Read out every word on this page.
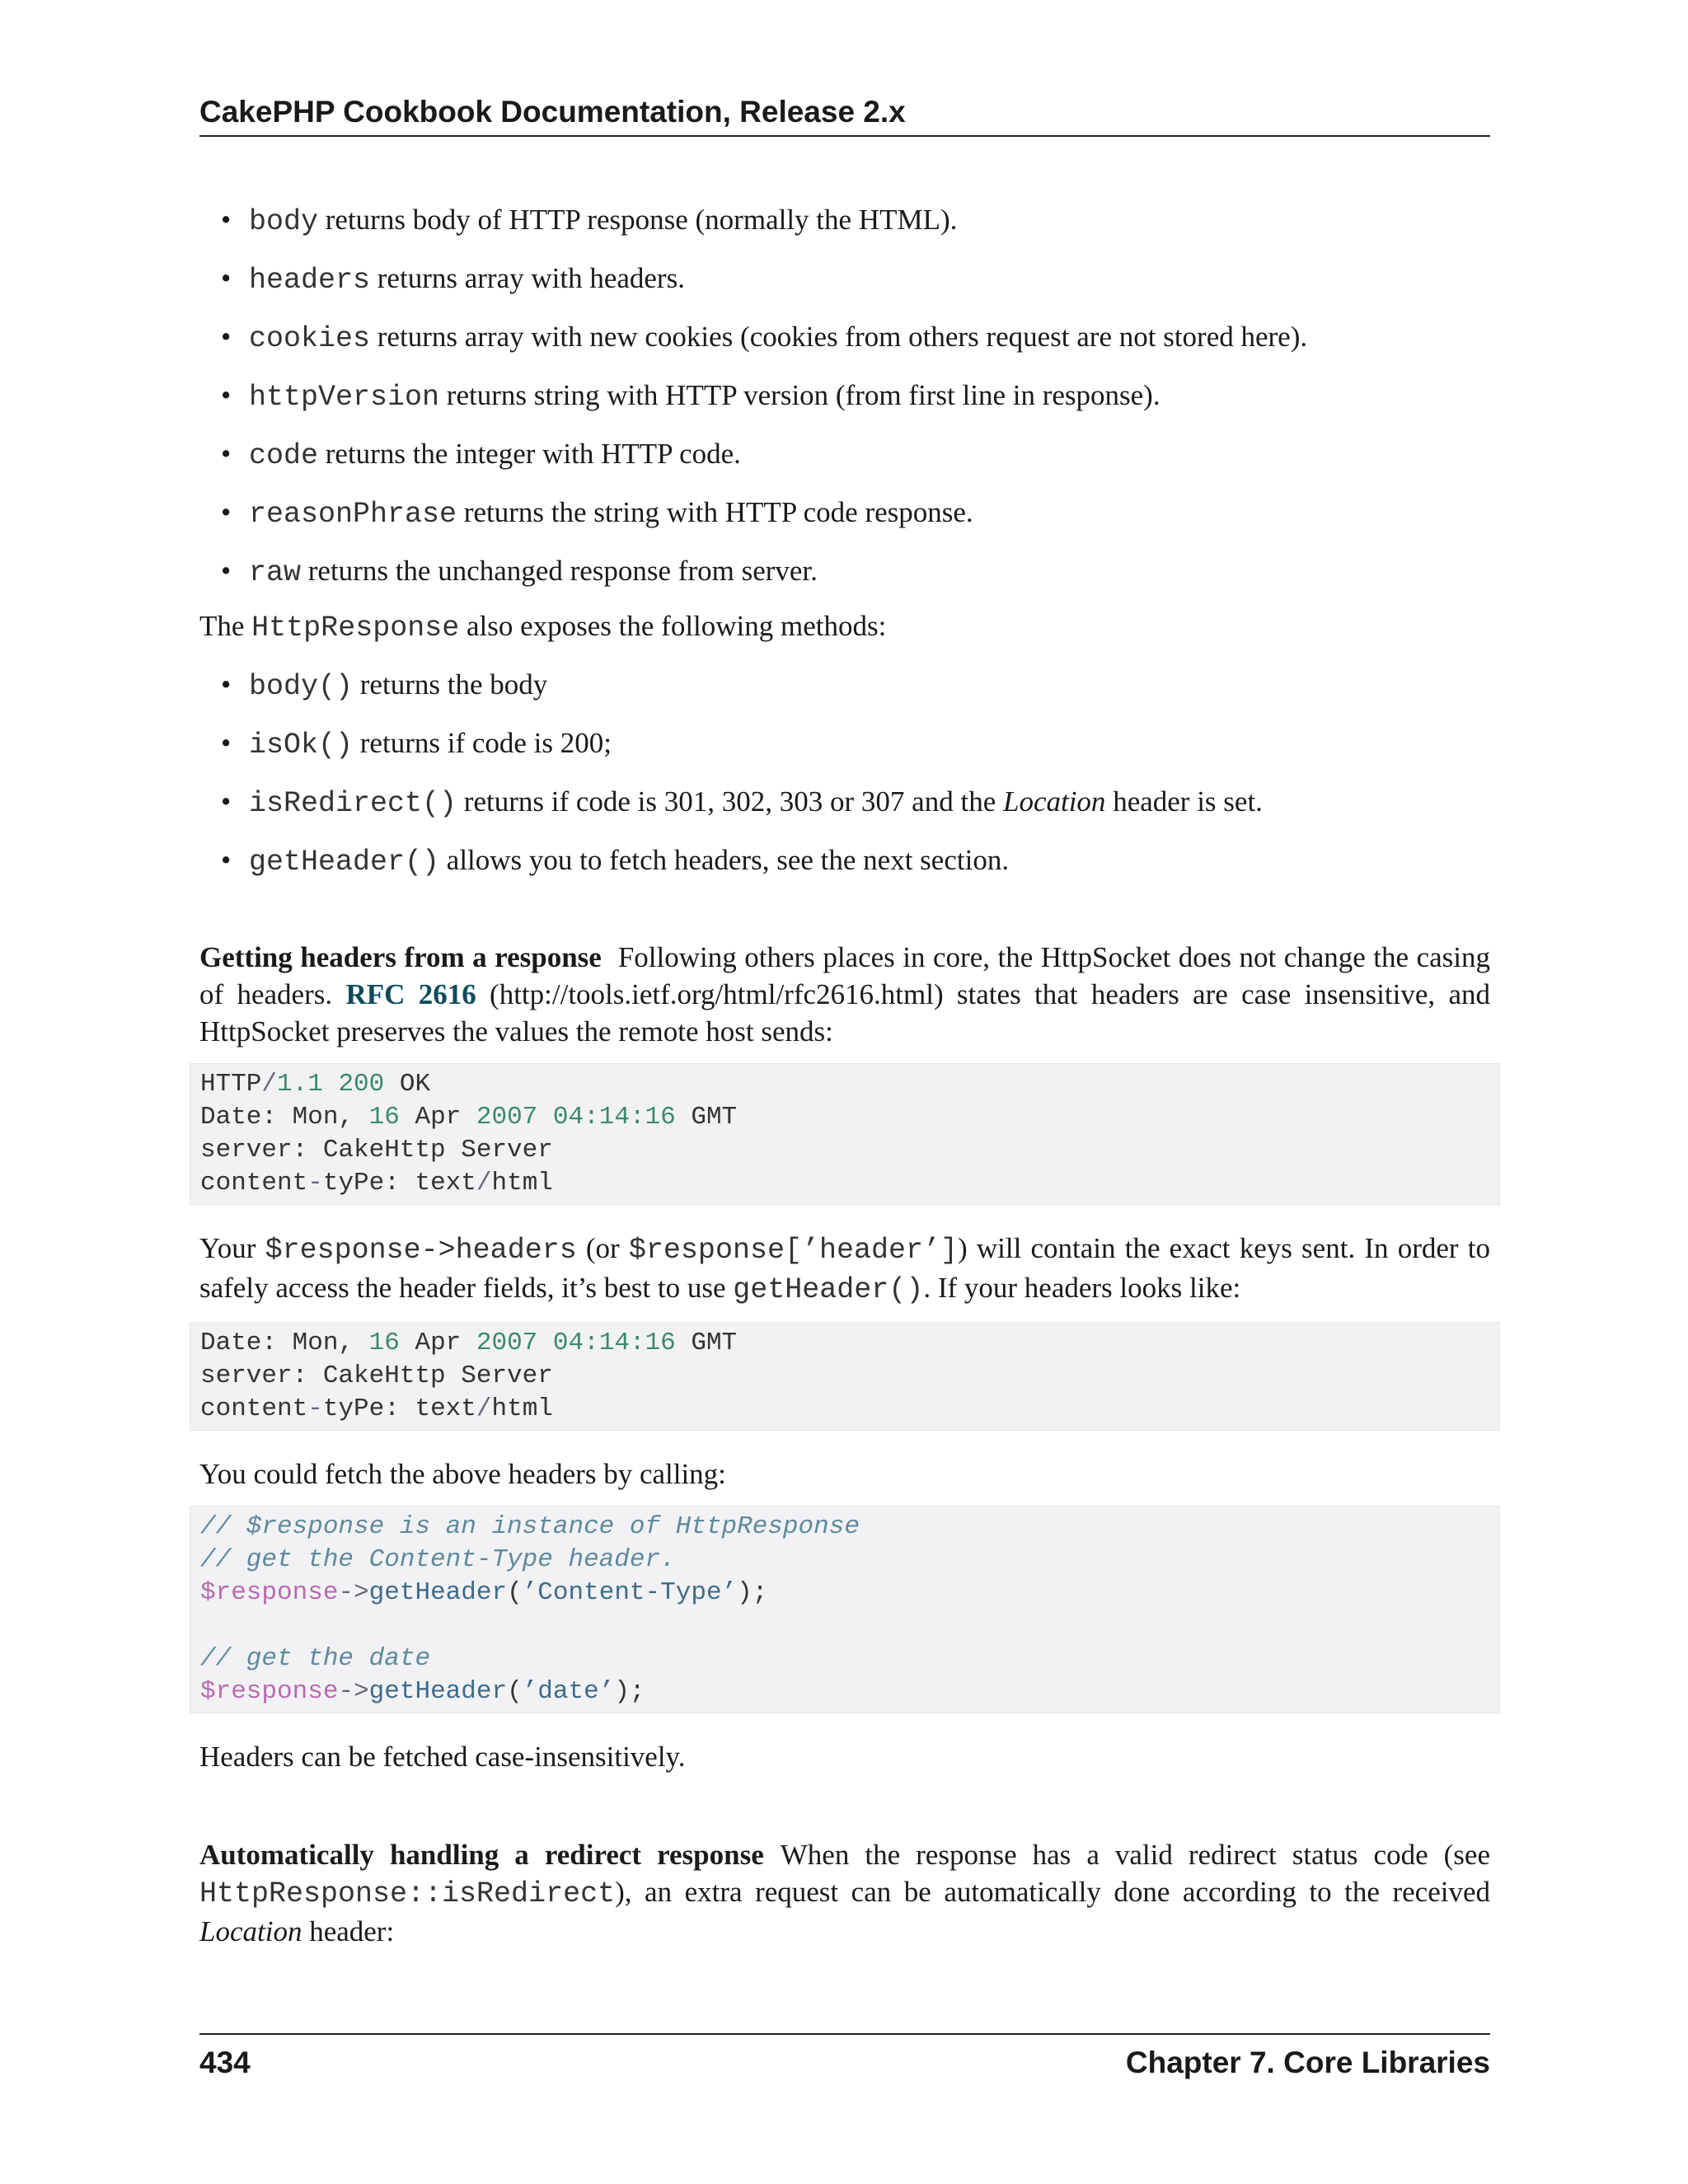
CakePHP Cookbook Documentation, Release 2.x
• body returns body of HTTP response (normally the HTML).
• headers returns array with headers.
• cookies returns array with new cookies (cookies from others request are not stored here).
• httpVersion returns string with HTTP version (from first line in response).
• code returns the integer with HTTP code.
• reasonPhrase returns the string with HTTP code response.
• raw returns the unchanged response from server.

The HttpResponse also exposes the following methods:

• body() returns the body
• isOk() returns if code is 200;
• isRedirect() returns if code is 301, 302, 303 or 307 and the Location header is set.
• getHeader() allows you to fetch headers, see the next section.

Getting headers from a response Following others places in core, the HttpSocket does not change the casing of headers. RFC 2616 (http://tools.ietf.org/html/rfc2616.html) states that headers are case insensitive, and HttpSocket preserves the values the remote host sends:

HTTP/1.1 200 OK
Date: Mon, 16 Apr 2007 04:14:16 GMT
server: CakeHttp Server
content-tyPe: text/html

Your $response->headers (or $response[’header’]) will contain the exact keys sent. In order to safely access the header fields, it’s best to use getHeader(). If your headers looks like:

Date: Mon, 16 Apr 2007 04:14:16 GMT
server: CakeHttp Server
content-tyPe: text/html

You could fetch the above headers by calling:

// $response is an instance of HttpResponse
// get the Content-Type header.
$response->getHeader(’Content-Type’);

// get the date
$response->getHeader(’date’);

Headers can be fetched case-insensitively.

Automatically handling a redirect response When the response has a valid redirect status code (see HttpResponse::isRedirect), an extra request can be automatically done according to the received Location header:

434	Chapter 7. Core Libraries
